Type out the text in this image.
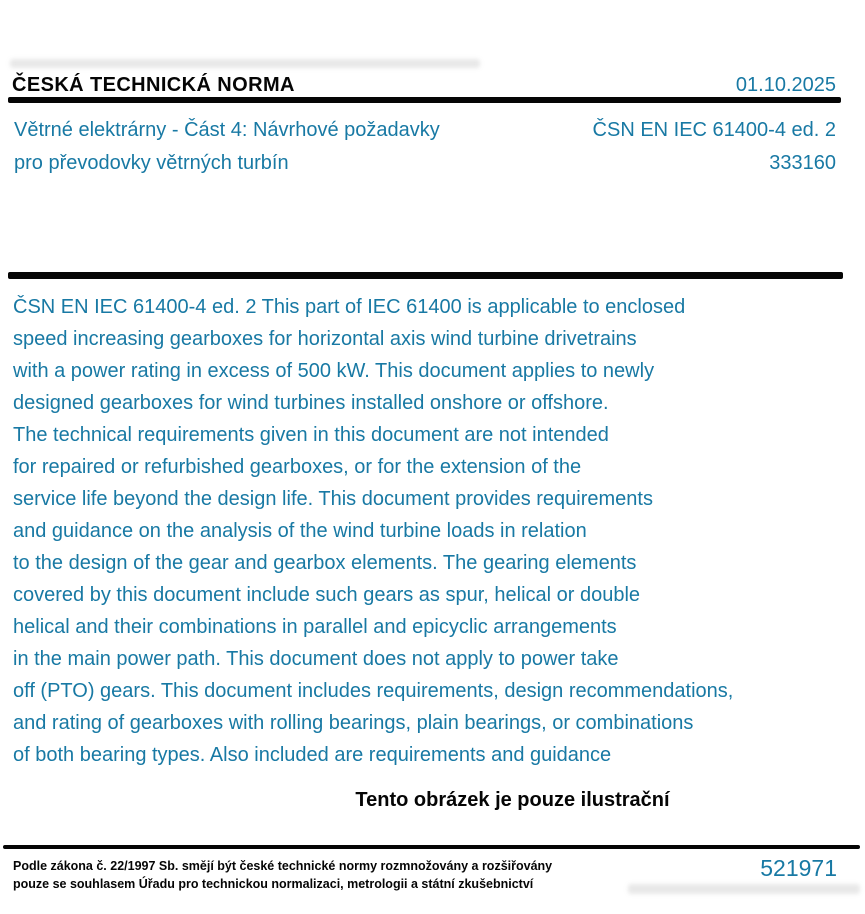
ČESKÁ TECHNICKÁ NORMA	01.10.2025
Větrné elektrárny - Část 4: Návrhové požadavky
pro převodovky větrných turbín
ČSN EN IEC 61400-4 ed. 2
333160
ČSN EN IEC 61400-4 ed. 2 This part of IEC 61400 is applicable to enclosed
speed increasing gearboxes for horizontal axis wind turbine drivetrains
with a power rating in excess of 500 kW. This document applies to newly
designed gearboxes for wind turbines installed onshore or offshore.
The technical requirements given in this document are not intended
for repaired or refurbished gearboxes, or for the extension of the
service life beyond the design life. This document provides requirements
and guidance on the analysis of the wind turbine loads in relation
to the design of the gear and gearbox elements. The gearing elements
covered by this document include such gears as spur, helical or double
helical and their combinations in parallel and epicyclic arrangements
in the main power path. This document does not apply to power take
off (PTO) gears. This document includes requirements, design recommendations,
and rating of gearboxes with rolling bearings, plain bearings, or combinations
of both bearing types. Also included are requirements and guidance
Tento obrázek je pouze ilustrační
Podle zákona č. 22/1997 Sb. smějí být české technické normy rozmnožovány a rozšiřovány
pouze se souhlasem Úřadu pro technickou normalizaci, metrologii a státní zkušebnictví
521971
